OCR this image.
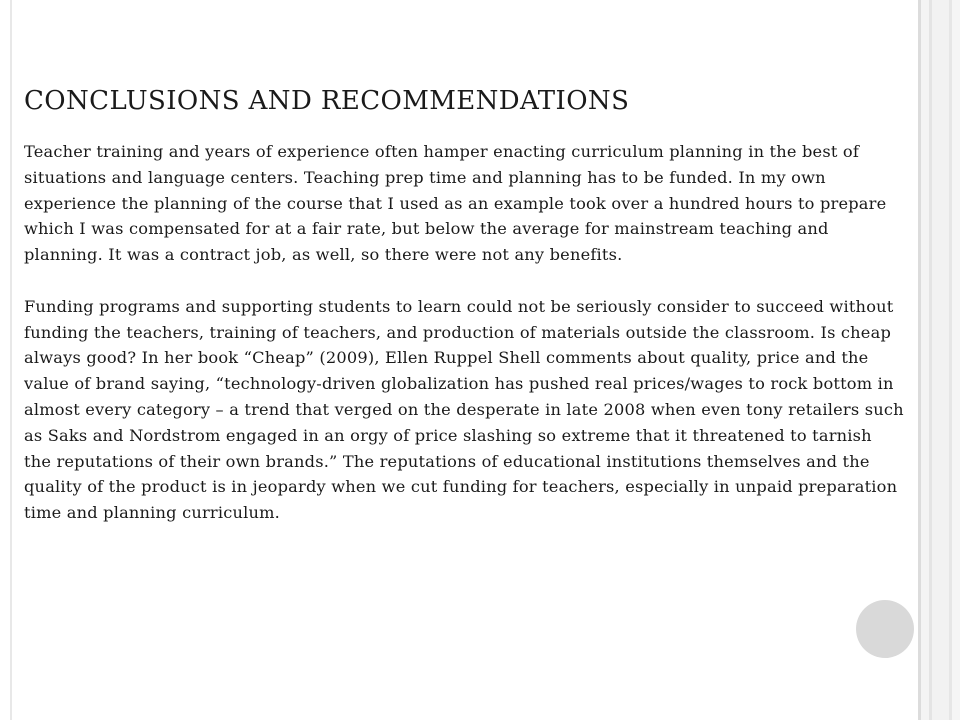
CONCLUSIONS AND RECOMMENDATIONS

Teacher training and years of experience often hamper enacting curriculum planning in the best of situations and language centers. Teaching prep time and planning has to be funded. In my own experience the planning of the course that I used as an example took over a hundred hours to prepare which I was compensated for at a fair rate, but below the average for mainstream teaching and planning. It was a contract job, as well, so there were not any benefits.

Funding programs and supporting students to learn could not be seriously consider to succeed without funding the teachers, training of teachers, and production of materials outside the classroom. Is cheap always good? In her book “Cheap” (2009), Ellen Ruppel Shell comments about quality, price and the value of brand saying, “technology-driven globalization has pushed real prices/wages to rock bottom in almost every category – a trend that verged on the desperate in late 2008 when even tony retailers such as Saks and Nordstrom engaged in an orgy of price slashing so extreme that it threatened to tarnish the reputations of their own brands.” The reputations of educational institutions themselves and the quality of the product is in jeopardy when we cut funding for teachers, especially in unpaid preparation time and planning curriculum.
